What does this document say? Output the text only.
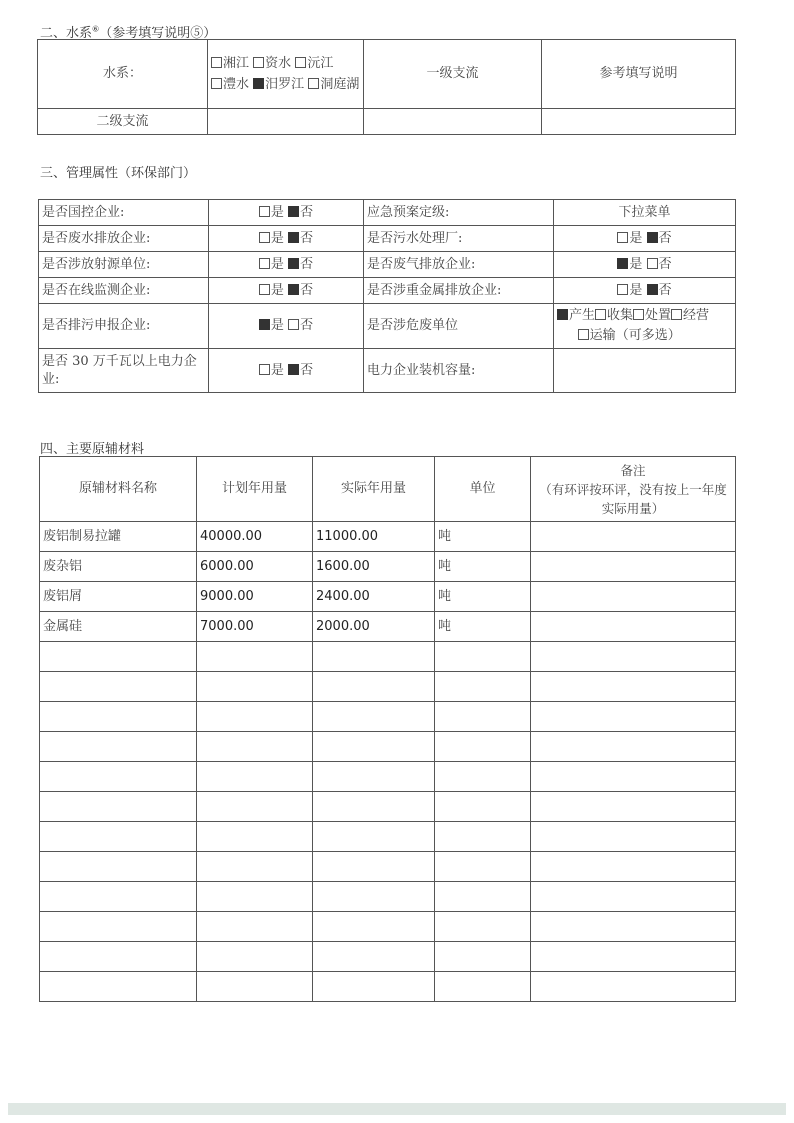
二、水系⑥（参考填写说明⑤）
水系：	湘江 资水 沅江
澧水 汨罗江 洞庭湖	一级支流	参考填写说明
二级支流			
三、管理属性（环保部门）
是否国控企业:	是 否	应急预案定级:	下拉菜单
是否废水排放企业:	是 否	是否污水处理厂:	是 否
是否涉放射源单位:	是 否	是否废气排放企业:	是 否
是否在线监测企业:	是 否	是否涉重金属排放企业:	是 否
是否排污申报企业:	是 否	是否涉危废单位	产生 收集 处置 经营
运输（可多选）
是否 30 万千瓦以上电力企业:	是 否	电力企业装机容量:	
四、主要原辅材料
原辅材料名称	计划年用量	实际年用量	单位	备注
（有环评按环评，没有按上一年度实际用量）
废铝制易拉罐	40000.00	11000.00	吨	
废杂铝	6000.00	1600.00	吨	
废铝屑	9000.00	2400.00	吨	
金属硅	7000.00	2000.00	吨	
